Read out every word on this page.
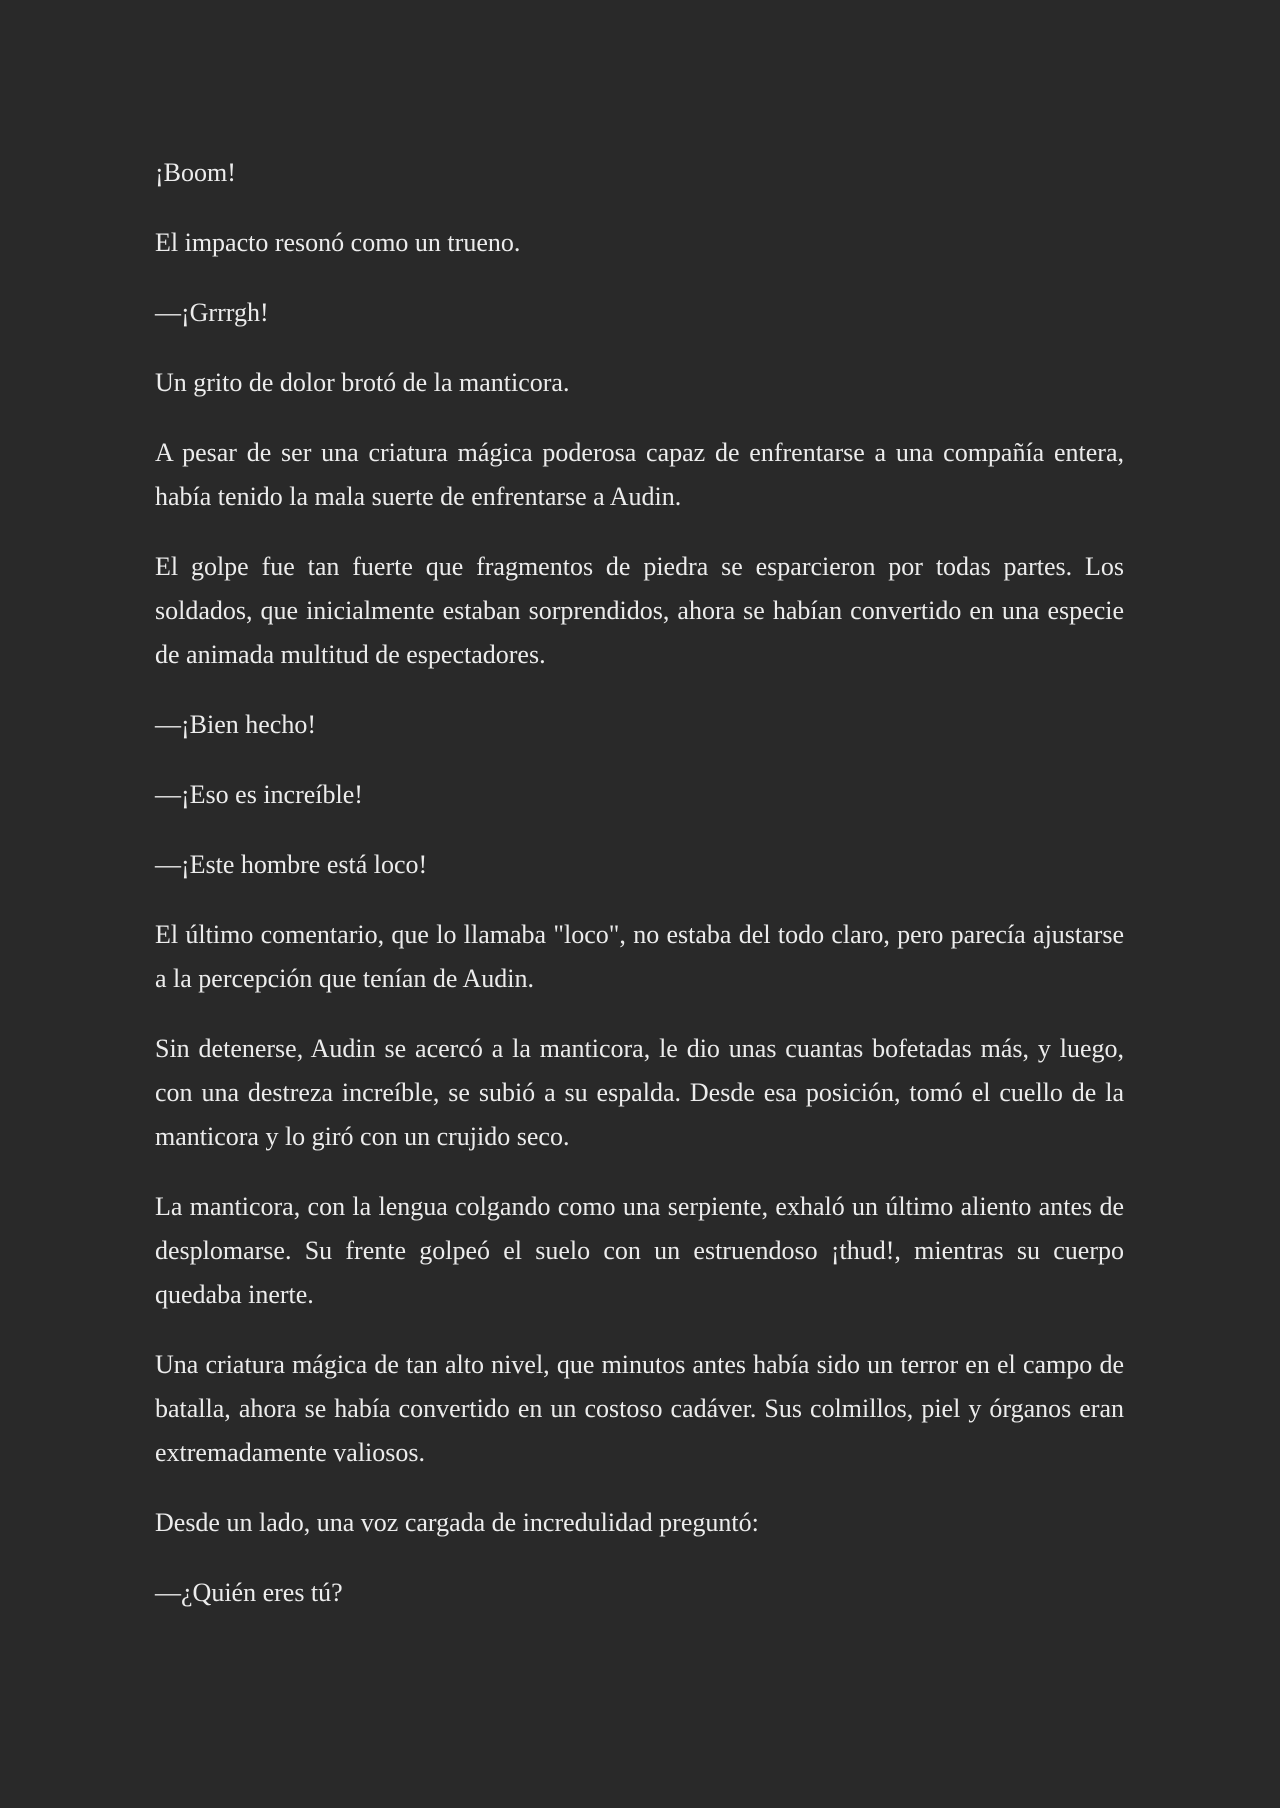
¡Boom!

El impacto resonó como un trueno.

—¡Grrrgh!

Un grito de dolor brotó de la manticora.

A pesar de ser una criatura mágica poderosa capaz de enfrentarse a una compañía entera, había tenido la mala suerte de enfrentarse a Audin.

El golpe fue tan fuerte que fragmentos de piedra se esparcieron por todas partes. Los soldados, que inicialmente estaban sorprendidos, ahora se habían convertido en una especie de animada multitud de espectadores.

—¡Bien hecho!

—¡Eso es increíble!

—¡Este hombre está loco!

El último comentario, que lo llamaba "loco", no estaba del todo claro, pero parecía ajustarse a la percepción que tenían de Audin.

Sin detenerse, Audin se acercó a la manticora, le dio unas cuantas bofetadas más, y luego, con una destreza increíble, se subió a su espalda. Desde esa posición, tomó el cuello de la manticora y lo giró con un crujido seco.

La manticora, con la lengua colgando como una serpiente, exhaló un último aliento antes de desplomarse. Su frente golpeó el suelo con un estruendoso ¡thud!, mientras su cuerpo quedaba inerte.

Una criatura mágica de tan alto nivel, que minutos antes había sido un terror en el campo de batalla, ahora se había convertido en un costoso cadáver. Sus colmillos, piel y órganos eran extremadamente valiosos.

Desde un lado, una voz cargada de incredulidad preguntó:

—¿Quién eres tú?
